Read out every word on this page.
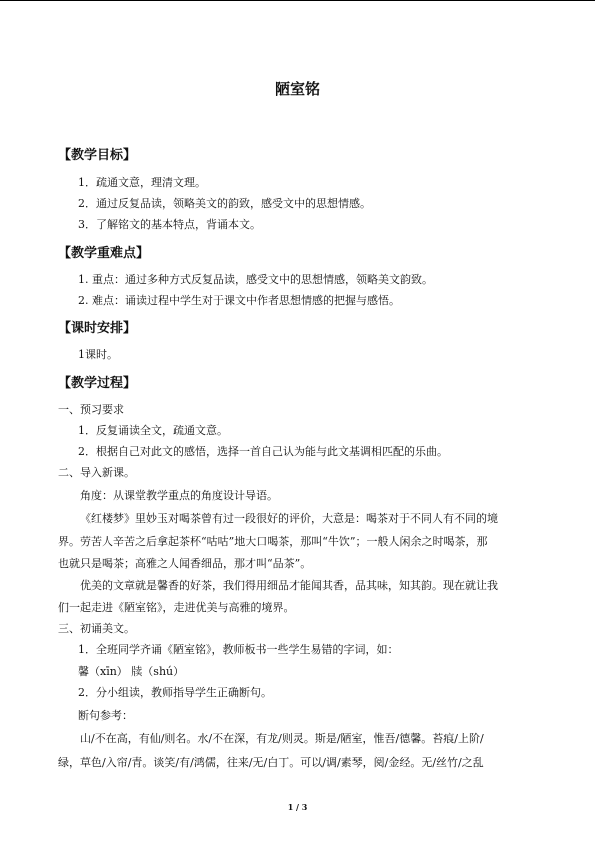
陋室铭
【教学目标】
1．疏通文意，理清文理。
2．通过反复品读，领略美文的韵致，感受文中的思想情感。
3．了解铭文的基本特点，背诵本文。
【教学重难点】
1. 重点：通过多种方式反复品读，感受文中的思想情感，领略美文韵致。
2. 难点：诵读过程中学生对于课文中作者思想情感的把握与感悟。
【课时安排】
1课时。
【教学过程】
一、预习要求
1．反复诵读全文，疏通文意。
2．根据自己对此文的感悟，选择一首自己认为能与此文基调相匹配的乐曲。
二、导入新课。
角度：从课堂教学重点的角度设计导语。
《红楼梦》里妙玉对喝茶曾有过一段很好的评价，大意是：喝茶对于不同人有不同的境
界。劳苦人辛苦之后拿起茶杯“咕咕”地大口喝茶，那叫“牛饮”；一般人闲余之时喝茶，那
也就只是喝茶；高雅之人闻香细品，那才叫“品茶”。
优美的文章就是馨香的好茶，我们得用细品才能闻其香，品其味，知其韵。现在就让我
们一起走进《陋室铭》，走进优美与高雅的境界。
三、初诵美文。
1．全班同学齐诵《陋室铭》，教师板书一些学生易错的字词，如：
馨（xīn） 牍（shú）
2．分小组读，教师指导学生正确断句。
断句参考：
山/不在高，有仙/则名。水/不在深，有龙/则灵。斯是/陋室，惟吾/德馨。苔痕/上阶/
绿，草色/入帘/青。谈笑/有/鸿儒，往来/无/白丁。可以/调/素琴，阅/金经。无/丝竹/之乱
1 / 3
